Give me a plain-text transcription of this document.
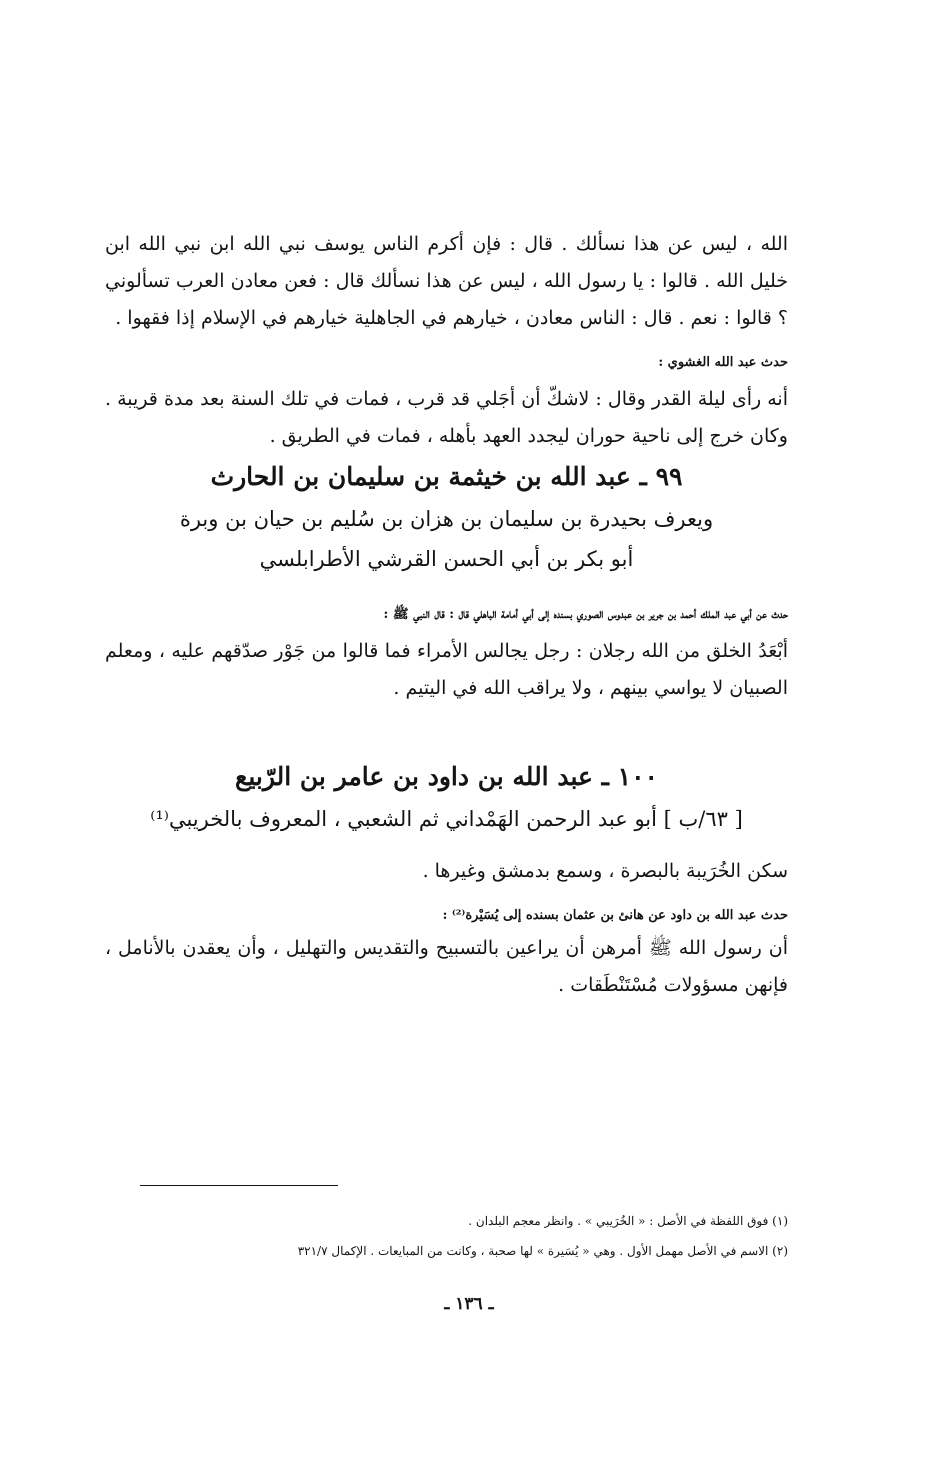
الله ، ليس عن هذا نسألك . قال : فإن أكرم الناس يوسف نبي الله ابن نبي الله ابن خليل الله . قالوا : يا رسول الله ، ليس عن هذا نسألك قال : فعن معادن العرب تسألوني ؟ قالوا : نعم . قال : الناس معادن ، خيارهم في الجاهلية خيارهم في الإسلام إذا فقهوا .

حدث عبد الله الغشوي :

أنه رأى ليلة القدر وقال : لاشكّ أن أجَلي قد قرب ، فمات في تلك السنة بعد مدة قريبة . وكان خرج إلى ناحية حوران ليجدد العهد بأهله ، فمات في الطريق .

٩٩ ـ عبد الله بن خيثمة بن سليمان بن الحارث
ويعرف بحيدرة بن سليمان بن هزان بن سُليم بن حيان بن وبرة
أبو بكر بن أبي الحسن القرشي الأطرابلسي

حدث عن أبي عبد الملك أحمد بن جرير بن عبدوس الصوري بسنده إلى أبي أمامة الباهلي قال : قال النبي ﷺ :

أبْعَدُ الخلق من الله رجلان : رجل يجالس الأمراء فما قالوا من جَوْر صدّقهم عليه ، ومعلم الصبيان لا يواسي بينهم ، ولا يراقب الله في اليتيم .

١٠٠ ـ عبد الله بن داود بن عامر بن الرّبيع
[ ٦٣/ب ] أبو عبد الرحمن الهَمْداني ثم الشعبي ، المعروف بالخريبي⁽¹⁾

سكن الخُرَيبة بالبصرة ، وسمع بدمشق وغيرها .

حدث عبد الله بن داود عن هانئ بن عثمان بسنده إلى يُسَيْرة⁽²⁾ :

أن رسول الله ﷺ أمرهن أن يراعين بالتسبيح والتقديس والتهليل ، وأن يعقدن بالأنامل ، فإنهن مسؤولات مُسْتَنْطَقات .

(١) فوق اللفظة في الأصل : « الخُرَيبي » . وانظر معجم البلدان .

(٢) الاسم في الأصل مهمل الأول . وهي « يُسَيرة » لها صحبة ، وكانت من المبايعات . الإكمال ٣٢١/٧

ـ ١٣٦ ـ
